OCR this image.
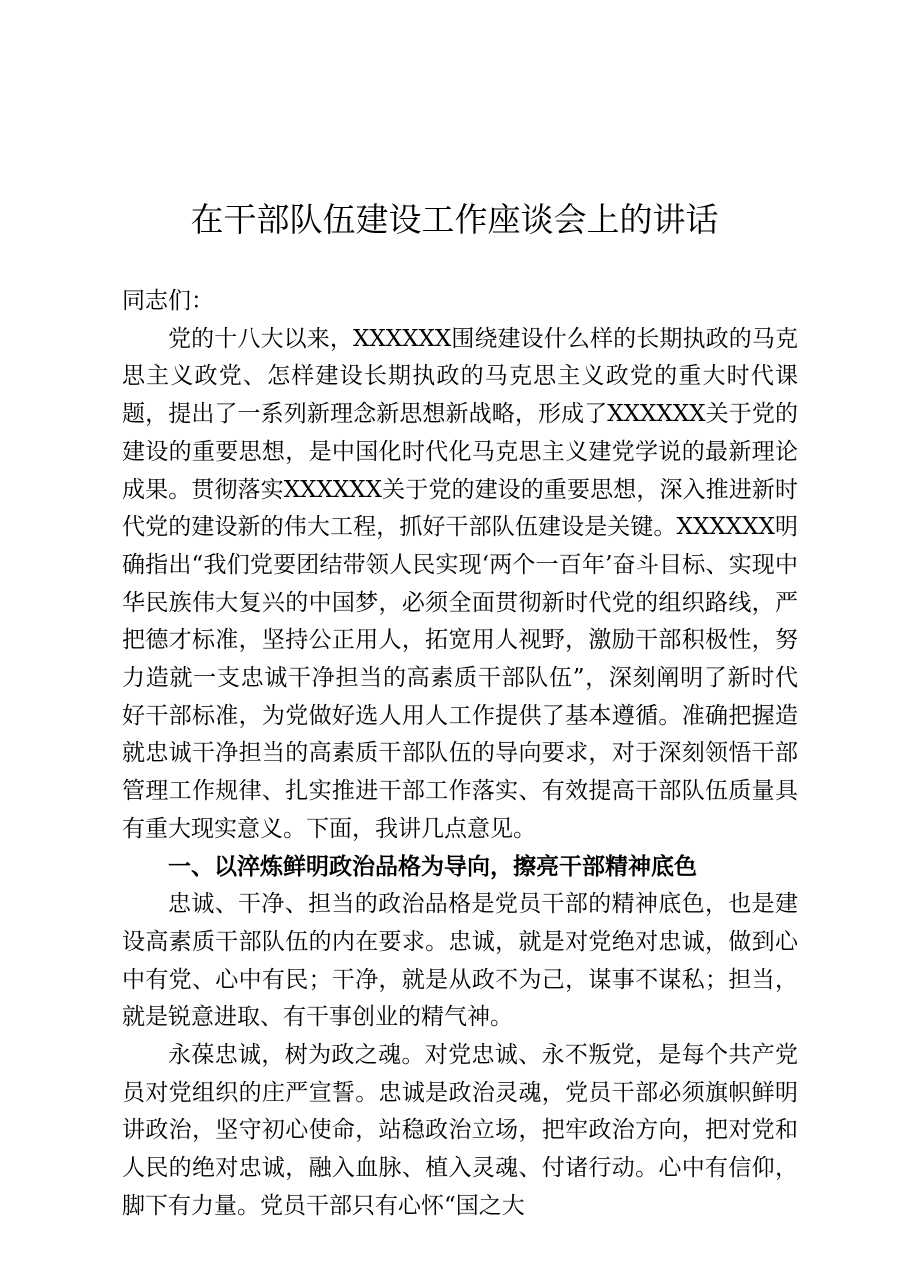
在干部队伍建设工作座谈会上的讲话

同志们：

党的十八大以来，XXXXXX围绕建设什么样的长期执政的马克思主义政党、怎样建设长期执政的马克思主义政党的重大时代课题，提出了一系列新理念新思想新战略，形成了XXXXXX关于党的建设的重要思想，是中国化时代化马克思主义建党学说的最新理论成果。贯彻落实XXXXXX关于党的建设的重要思想，深入推进新时代党的建设新的伟大工程，抓好干部队伍建设是关键。XXXXXX明确指出“我们党要团结带领人民实现‘两个一百年’奋斗目标、实现中华民族伟大复兴的中国梦，必须全面贯彻新时代党的组织路线，严把德才标准，坚持公正用人，拓宽用人视野，激励干部积极性，努力造就一支忠诚干净担当的高素质干部队伍”，深刻阐明了新时代好干部标准，为党做好选人用人工作提供了基本遵循。准确把握造就忠诚干净担当的高素质干部队伍的导向要求，对于深刻领悟干部管理工作规律、扎实推进干部工作落实、有效提高干部队伍质量具有重大现实意义。下面，我讲几点意见。

一、以淬炼鲜明政治品格为导向，擦亮干部精神底色

忠诚、干净、担当的政治品格是党员干部的精神底色，也是建设高素质干部队伍的内在要求。忠诚，就是对党绝对忠诚，做到心中有党、心中有民；干净，就是从政不为己，谋事不谋私；担当，就是锐意进取、有干事创业的精气神。

永葆忠诚，树为政之魂。对党忠诚、永不叛党，是每个共产党员对党组织的庄严宣誓。忠诚是政治灵魂，党员干部必须旗帜鲜明讲政治，坚守初心使命，站稳政治立场，把牢政治方向，把对党和人民的绝对忠诚，融入血脉、植入灵魂、付诸行动。心中有信仰，脚下有力量。党员干部只有心怀“国之大
